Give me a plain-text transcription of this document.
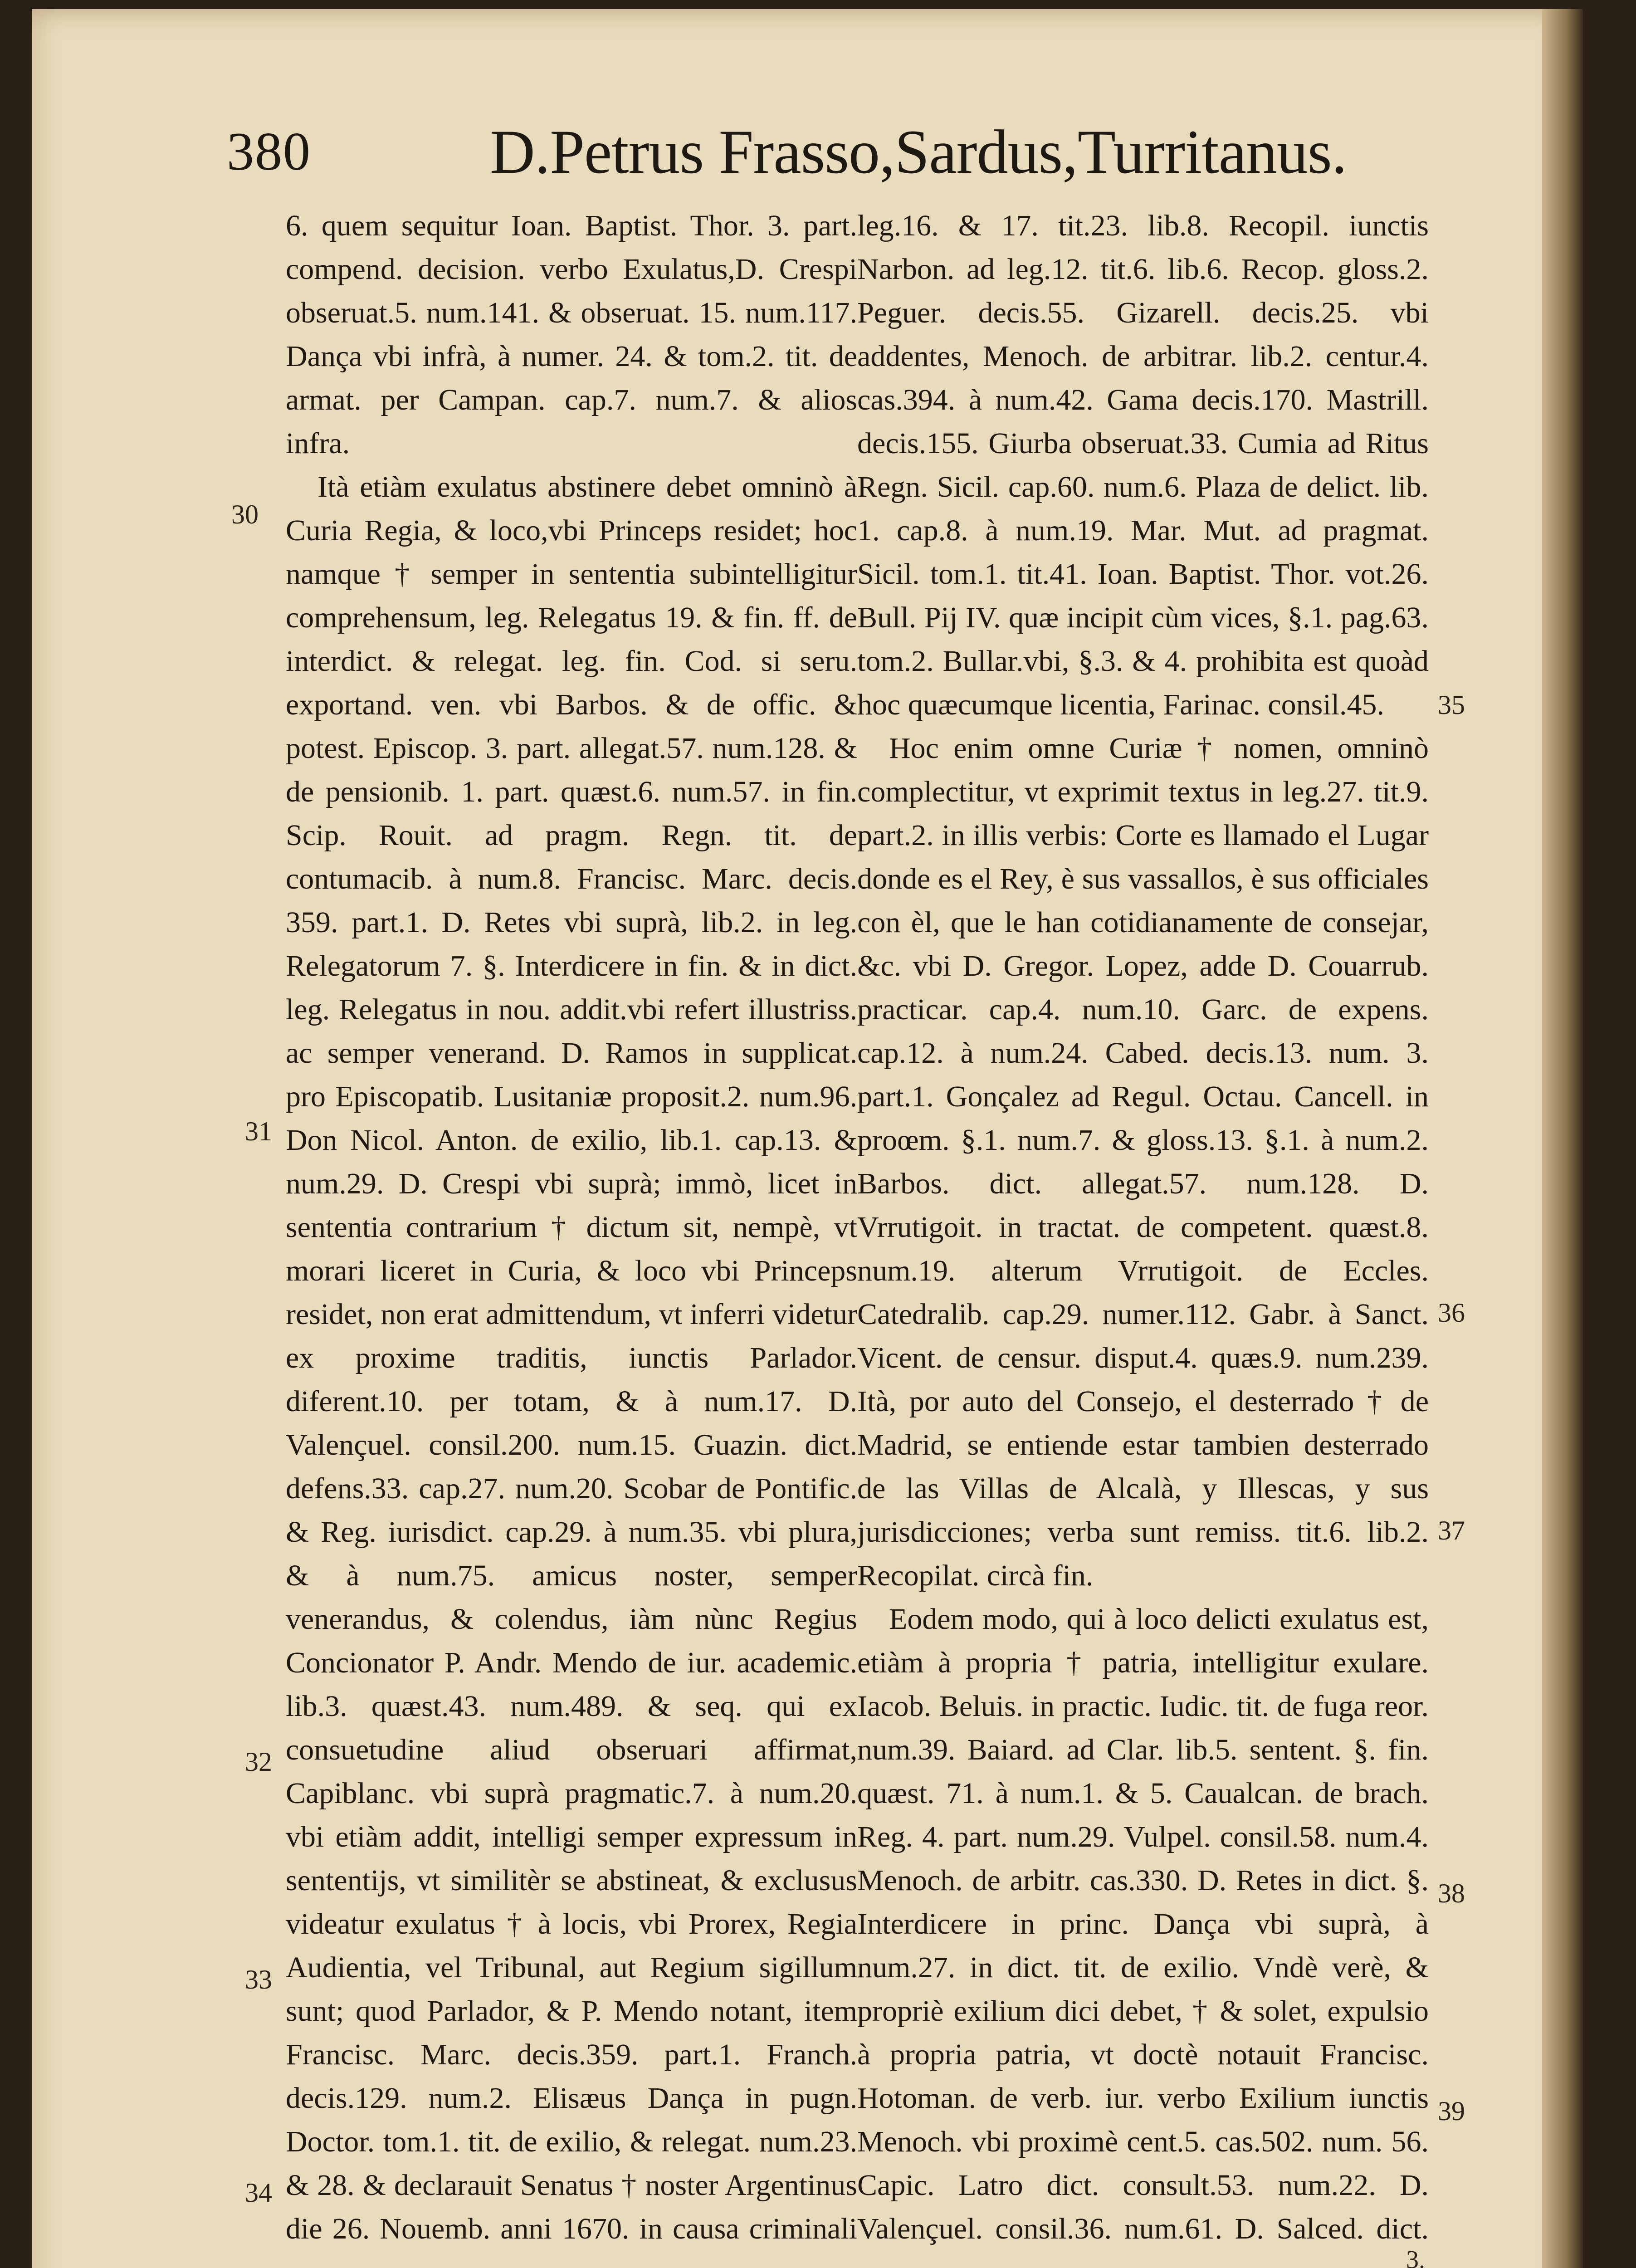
380	D.Petrus Frasso,Sardus,Turritanus.

6. quem sequitur Ioan. Baptist. Thor. 3. part. compend. decision. verbo Exulatus,D. Crespi obseruat.5. num.141. & obseruat. 15. num.117. Dança vbi infrà, à numer. 24. & tom.2. tit. de armat. per Campan. cap.7. num.7. & alios infra.

Ità etiàm exulatus abstinere debet omninò à Curia Regia, & loco,vbi Princeps residet; hoc namque † semper in sententia subintelligitur comprehensum, leg. Relegatus 19. & fin. ff. de interdict. & relegat. leg. fin. Cod. si seru. exportand. ven. vbi Barbos. & de offic. & potest. Episcop. 3. part. allegat.57. num.128. & de pensionib. 1. part. quæst.6. num.57. in fin. Scip. Rouit. ad pragm. Regn. tit. de contumacib. à num.8. Francisc. Marc. decis. 359. part.1. D. Retes vbi suprà, lib.2. in leg. Relegatorum 7. §. Interdicere in fin. & in dict. leg. Relegatus in nou. addit.vbi refert illustriss. ac semper venerand. D. Ramos in supplicat. pro Episcopatib. Lusitaniæ proposit.2. num.96. Don Nicol. Anton. de exilio, lib.1. cap.13. & num.29. D. Crespi vbi suprà; immò, licet in sententia contrarium † dictum sit, nempè, vt morari liceret in Curia, & loco vbi Princeps residet, non erat admittendum, vt inferri videtur ex proxime traditis, iunctis Parlador. diferent.10. per totam, & à num.17. D. Valençuel. consil.200. num.15. Guazin. dict. defens.33. cap.27. num.20. Scobar de Pontific. & Reg. iurisdict. cap.29. à num.35. vbi plura, & à num.75. amicus noster, semper venerandus, & colendus, iàm nùnc Regius Concionator P. Andr. Mendo de iur. academic. lib.3. quæst.43. num.489. & seq. qui ex consuetudine aliud obseruari affirmat, Capiblanc. vbi suprà pragmatic.7. à num.20. vbi etiàm addit, intelligi semper expressum in sententijs, vt similitèr se abstineat, & exclusus videatur exulatus † à locis, vbi Prorex, Regia Audientia, vel Tribunal, aut Regium sigillum sunt; quod Parlador, & P. Mendo notant, item Francisc. Marc. decis.359. part.1. Franch. decis.129. num.2. Elisæus Dança in pugn. Doctor. tom.1. tit. de exilio, & relegat. num.23. & 28. & declarauit Senatus † noster Argentinus die 26. Nouemb. anni 1670. in causa criminali

30
31
32
33
34

leg.16. & 17. tit.23. lib.8. Recopil. iunctis Narbon. ad leg.12. tit.6. lib.6. Recop. gloss.2. Peguer. decis.55. Gizarell. decis.25. vbi addentes, Menoch. de arbitrar. lib.2. centur.4. cas.394. à num.42. Gama decis.170. Mastrill. decis.155. Giurba obseruat.33. Cumia ad Ritus Regn. Sicil. cap.60. num.6. Plaza de delict. lib. 1. cap.8. à num.19. Mar. Mut. ad pragmat. Sicil. tom.1. tit.41. Ioan. Baptist. Thor. vot.26. Bull. Pij IV. quæ incipit cùm vices, §.1. pag.63. tom.2. Bullar.vbi, §.3. & 4. prohibita est quoàd hoc quæcumque licentia, Farinac. consil.45.

Hoc enim omne Curiæ † nomen, omninò complectitur, vt exprimit textus in leg.27. tit.9. part.2. in illis verbis: Corte es llamado el Lugar donde es el Rey, è sus vassallos, è sus officiales con èl, que le han cotidianamente de consejar, &c. vbi D. Gregor. Lopez, adde D. Couarrub. practicar. cap.4. num.10. Garc. de expens. cap.12. à num.24. Cabed. decis.13. num. 3. part.1. Gonçalez ad Regul. Octau. Cancell. in proœm. §.1. num.7. & gloss.13. §.1. à num.2. Barbos. dict. allegat.57. num.128. D. Vrrutigoit. in tractat. de competent. quæst.8. num.19. alterum Vrrutigoit. de Eccles. Catedralib. cap.29. numer.112. Gabr. à Sanct. Vicent. de censur. disput.4. quæs.9. num.239. Ità, por auto del Consejo, el desterrado † de Madrid, se entiende estar tambien desterrado de las Villas de Alcalà, y Illescas, y sus jurisdicciones; verba sunt remiss. tit.6. lib.2. Recopilat. circà fin.

Eodem modo, qui à loco delicti exulatus est, etiàm à propria † patria, intelligitur exulare. Iacob. Beluis. in practic. Iudic. tit. de fuga reor. num.39. Baiard. ad Clar. lib.5. sentent. §. fin. quæst. 71. à num.1. & 5. Caualcan. de brach. Reg. 4. part. num.29. Vulpel. consil.58. num.4. Menoch. de arbitr. cas.330. D. Retes in dict. §. Interdicere in princ. Dança vbi suprà, à num.27. in dict. tit. de exilio. Vndè verè, & propriè exilium dici debet, † & solet, expulsio à propria patria, vt doctè notauit Francisc. Hotoman. de verb. iur. verbo Exilium iunctis Menoch. vbi proximè cent.5. cas.502. num. 56. Capic. Latro dict. consult.53. num.22. D. Valençuel. consil.36. num.61. D. Salced. dict.

35
36
37
38
39
3.
